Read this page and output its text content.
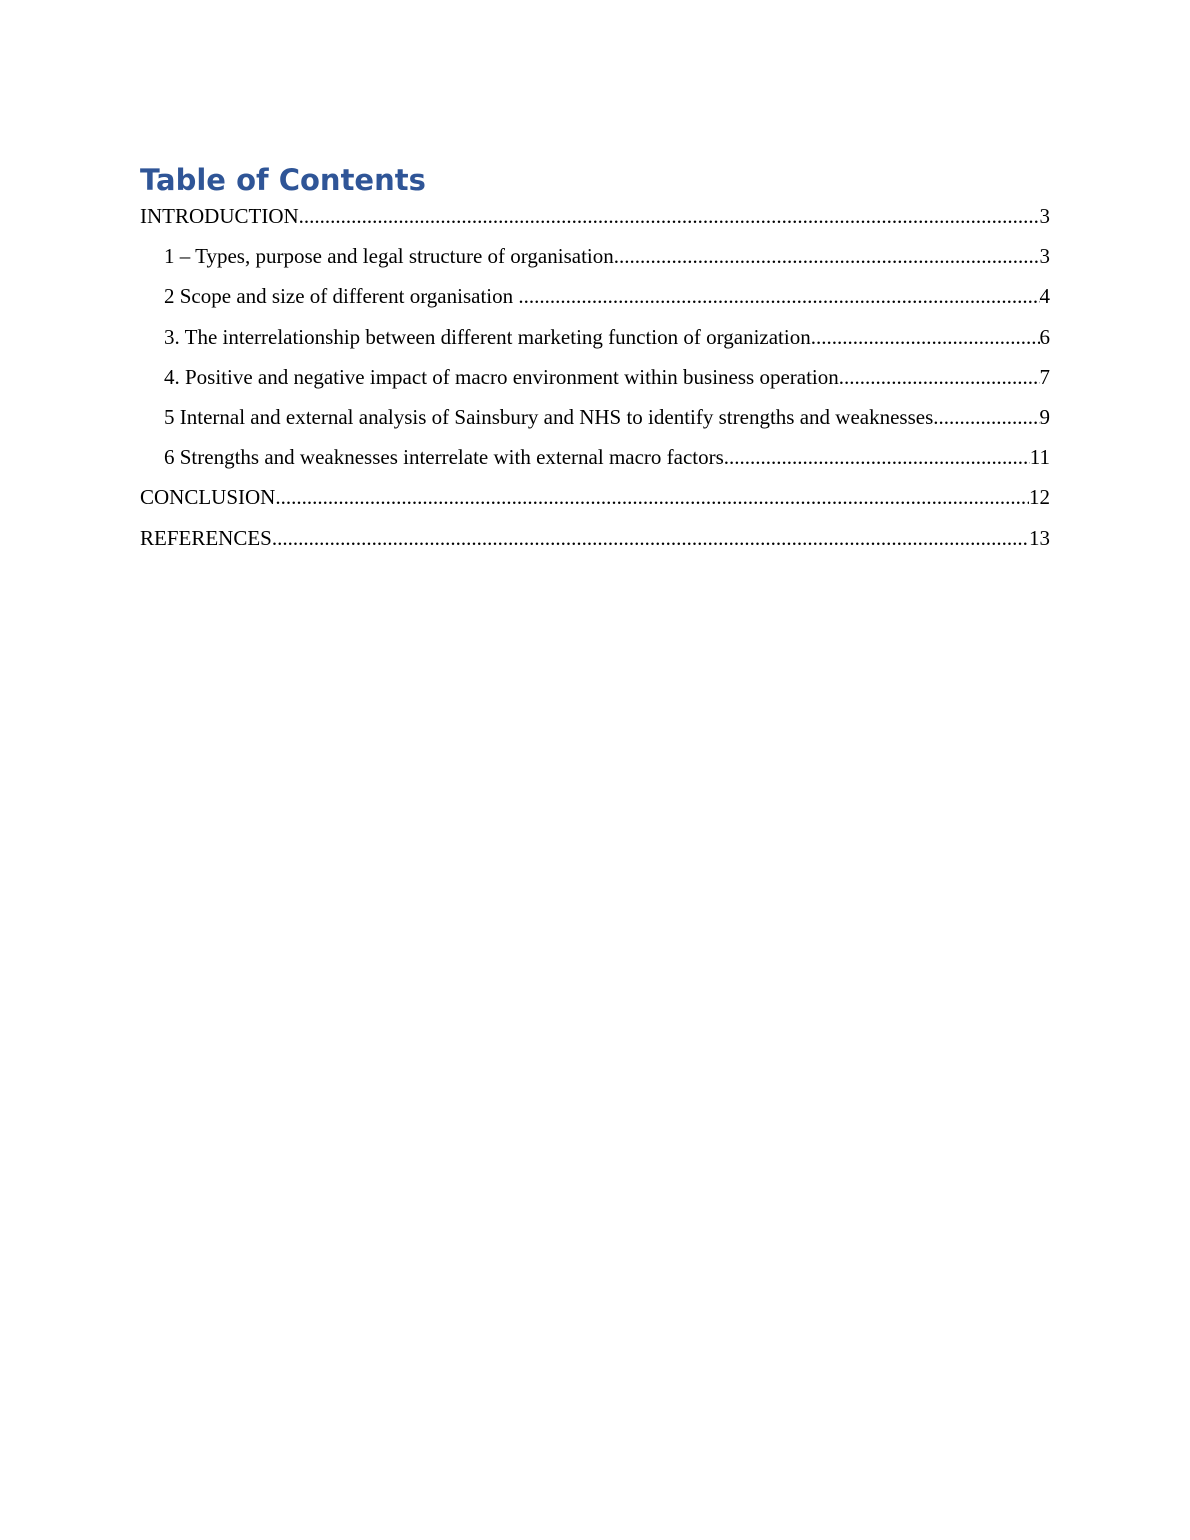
Table of Contents
INTRODUCTION .....	3
1 – Types, purpose and legal structure of organisation .....	3
2 Scope and size of different organisation .....	4
3. The interrelationship between different marketing function of organization .....	6
4. Positive and negative impact of macro environment within business operation .....	7
5 Internal and external analysis of Sainsbury and NHS to identify strengths and weaknesses .....	9
6 Strengths and weaknesses interrelate with external macro factors .....	11
CONCLUSION .....	12
REFERENCES .....	13
